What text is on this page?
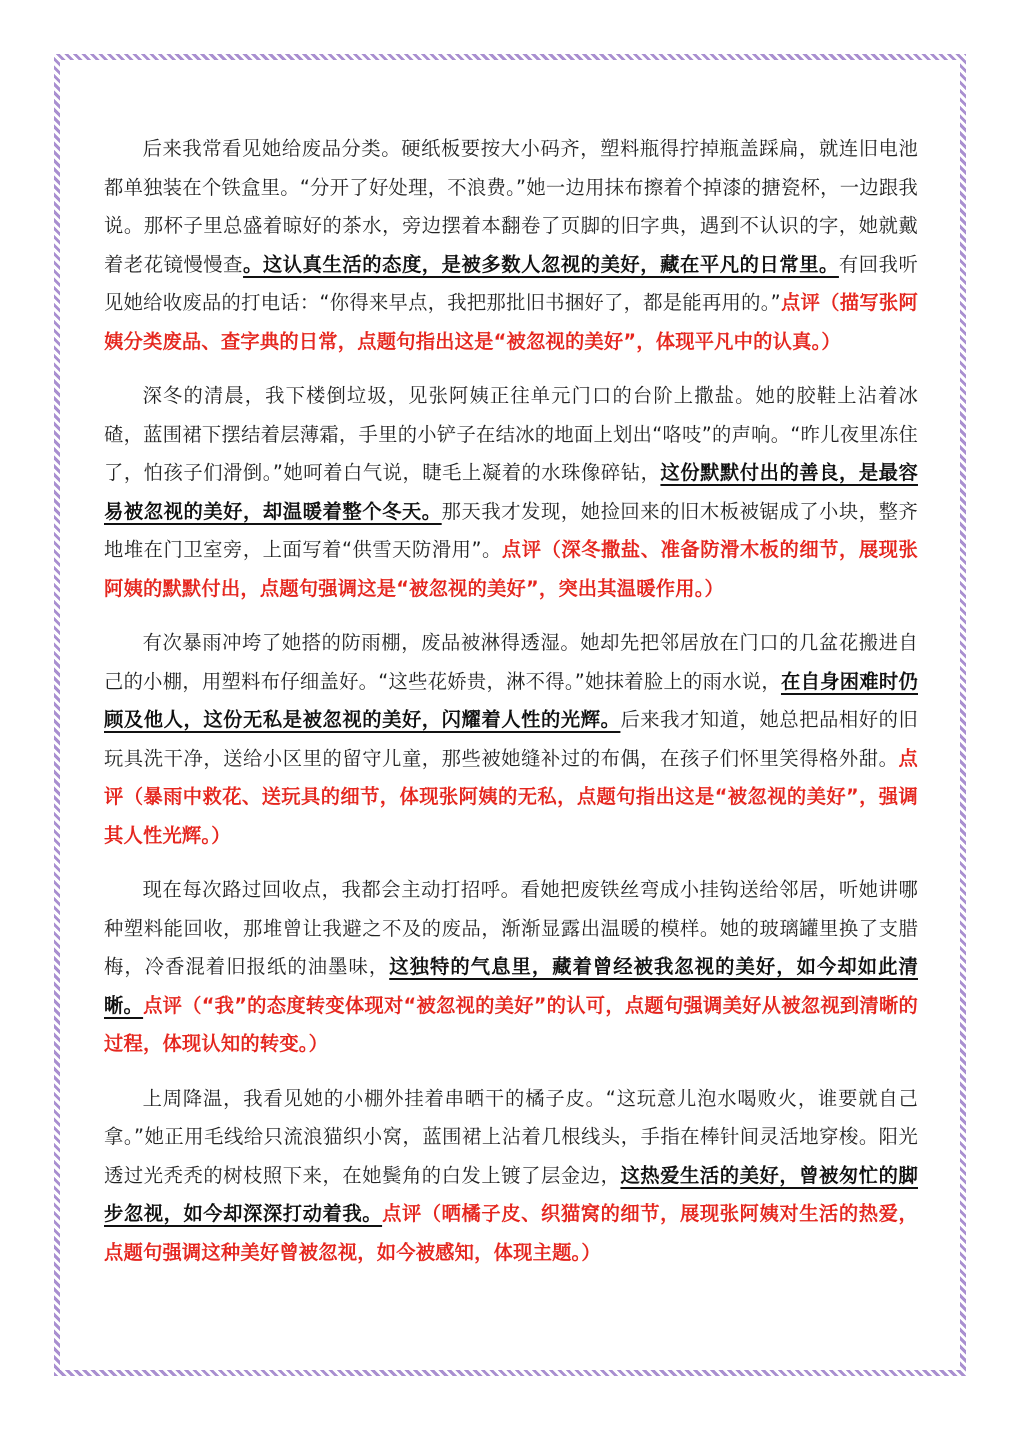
后来我常看见她给废品分类。硬纸板要按大小码齐，塑料瓶得拧掉瓶盖踩扁，就连旧电池都单独装在个铁盒里。“分开了好处理，不浪费。”她一边用抹布擦着个掉漆的搪瓷杯，一边跟我说。那杯子里总盛着晾好的茶水，旁边摆着本翻卷了页脚的旧字典，遇到不认识的字，她就戴着老花镜慢慢查。这认真生活的态度，是被多数人忽视的美好，藏在平凡的日常里。有回我听见她给收废品的打电话：“你得来早点，我把那批旧书捆好了，都是能再用的。”点评（描写张阿姨分类废品、查字典的日常，点题句指出这是“被忽视的美好”，体现平凡中的认真。）

深冬的清晨，我下楼倒垃圾，见张阿姨正往单元门口的台阶上撒盐。她的胶鞋上沾着冰碴，蓝围裙下摆结着层薄霜，手里的小铲子在结冰的地面上划出“咯吱”的声响。“昨儿夜里冻住了，怕孩子们滑倒。”她呵着白气说，睫毛上凝着的水珠像碎钻，这份默默付出的善良，是最容易被忽视的美好，却温暖着整个冬天。那天我才发现，她捡回来的旧木板被锯成了小块，整齐地堆在门卫室旁，上面写着“供雪天防滑用”。点评（深冬撒盐、准备防滑木板的细节，展现张阿姨的默默付出，点题句强调这是“被忽视的美好”，突出其温暖作用。）

有次暴雨冲垮了她搭的防雨棚，废品被淋得透湿。她却先把邻居放在门口的几盆花搬进自己的小棚，用塑料布仔细盖好。“这些花娇贵，淋不得。”她抹着脸上的雨水说，在自身困难时仍顾及他人，这份无私是被忽视的美好，闪耀着人性的光辉。后来我才知道，她总把品相好的旧玩具洗干净，送给小区里的留守儿童，那些被她缝补过的布偶，在孩子们怀里笑得格外甜。点评（暴雨中救花、送玩具的细节，体现张阿姨的无私，点题句指出这是“被忽视的美好”，强调其人性光辉。）

现在每次路过回收点，我都会主动打招呼。看她把废铁丝弯成小挂钩送给邻居，听她讲哪种塑料能回收，那堆曾让我避之不及的废品，渐渐显露出温暖的模样。她的玻璃罐里换了支腊梅，冷香混着旧报纸的油墨味，这独特的气息里，藏着曾经被我忽视的美好，如今却如此清晰。点评（“我”的态度转变体现对“被忽视的美好”的认可，点题句强调美好从被忽视到清晰的过程，体现认知的转变。）

上周降温，我看见她的小棚外挂着串晒干的橘子皮。“这玩意儿泡水喝败火，谁要就自己拿。”她正用毛线给只流浪猫织小窝，蓝围裙上沾着几根线头，手指在棒针间灵活地穿梭。阳光透过光秃秃的树枝照下来，在她鬓角的白发上镀了层金边，这热爱生活的美好，曾被匆忙的脚步忽视，如今却深深打动着我。点评（晒橘子皮、织猫窝的细节，展现张阿姨对生活的热爱，点题句强调这种美好曾被忽视，如今被感知，体现主题。）
